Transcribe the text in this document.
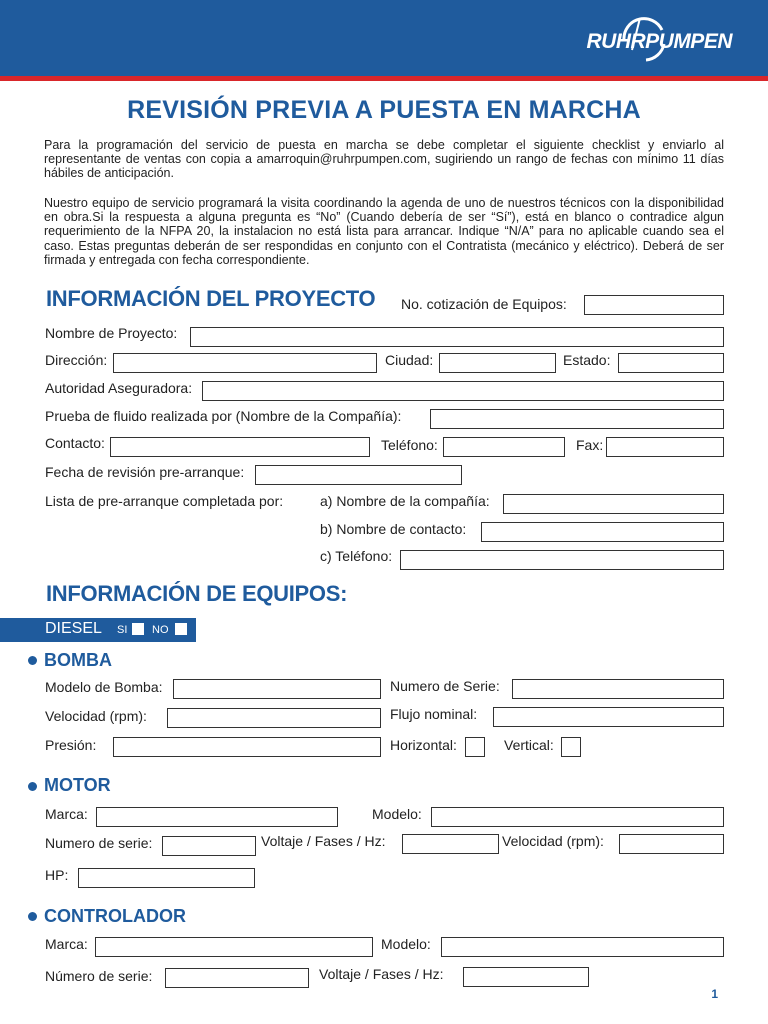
RUHRPUMPEN
REVISIÓN PREVIA A PUESTA EN MARCHA
Para la programación del servicio de puesta en marcha se debe completar el siguiente checklist y enviarlo al representante de ventas con copia a amarroquin@ruhrpumpen.com, sugiriendo un rango de fechas con mínimo 11 días hábiles de anticipación.
Nuestro equipo de servicio programará la visita coordinando la agenda de uno de nuestros técnicos con la disponibilidad en obra.Si la respuesta a alguna pregunta es “No” (Cuando debería de ser “Sí”), está en blanco o contradice algun requerimiento de la NFPA 20, la instalacion no está lista para arrancar. Indique “N/A” para no aplicable cuando sea el caso. Estas preguntas deberán de ser respondidas en conjunto con el Contratista (mecánico y eléctrico). Deberá de ser firmada y entregada con fecha correspondiente.
INFORMACIÓN DEL PROYECTO No. cotización de Equipos:
Nombre de Proyecto:
Dirección:	Ciudad:	Estado:
Autoridad Aseguradora:
Prueba de fluido realizada por (Nombre de la Compañía):
Contacto:	Teléfono:	Fax:
Fecha de revisión pre-arranque:
Lista de pre-arranque completada por:	a) Nombre de la compañía:
b) Nombre de contacto:
c) Teléfono:
INFORMACIÓN DE EQUIPOS:
DIESEL SI NO
BOMBA
Modelo de Bomba:	Numero de Serie:
Velocidad (rpm):	Flujo nominal:
Presión:	Horizontal:	Vertical:
MOTOR
Marca:	Modelo:
Numero de serie:	Voltaje / Fases / Hz:	Velocidad (rpm):
HP:
CONTROLADOR
Marca:	Modelo:
Número de serie:	Voltaje / Fases / Hz:
1
